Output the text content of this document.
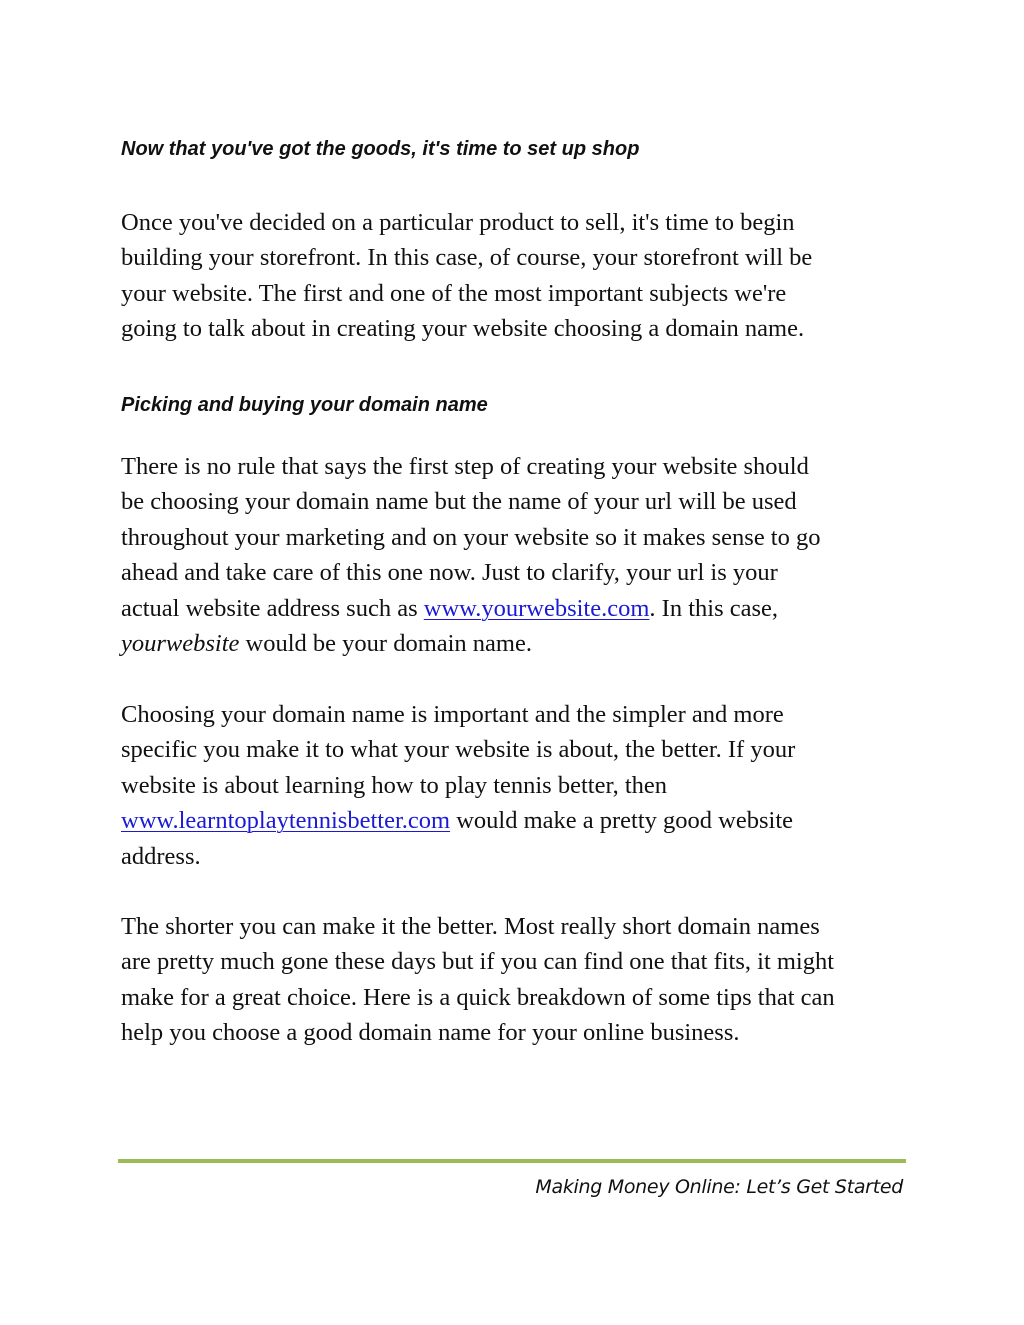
Now that you've got the goods, it's time to set up shop

Once you've decided on a particular product to sell, it's time to begin
building your storefront. In this case, of course, your storefront will be
your website. The first and one of the most important subjects we're
going to talk about in creating your website choosing a domain name.

Picking and buying your domain name

There is no rule that says the first step of creating your website should
be choosing your domain name but the name of your url will be used
throughout your marketing and on your website so it makes sense to go
ahead and take care of this one now. Just to clarify, your url is your
actual website address such as www.yourwebsite.com. In this case,
yourwebsite would be your domain name.

Choosing your domain name is important and the simpler and more
specific you make it to what your website is about, the better. If your
website is about learning how to play tennis better, then
www.learntoplaytennisbetter.com would make a pretty good website
address.

The shorter you can make it the better. Most really short domain names
are pretty much gone these days but if you can find one that fits, it might
make for a great choice. Here is a quick breakdown of some tips that can
help you choose a good domain name for your online business.

Making Money Online: Let’s Get Started
